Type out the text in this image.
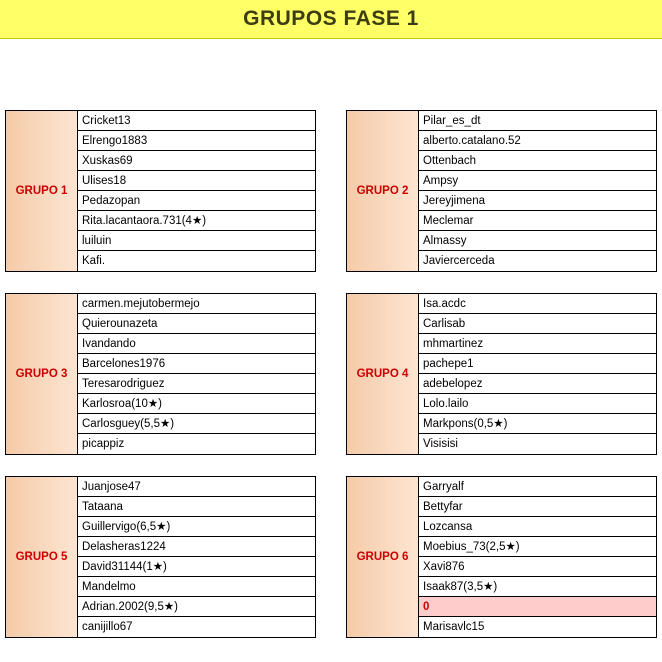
GRUPOS FASE 1
GRUPO 1
Cricket13
Elrengo1883
Xuskas69
Ulises18
Pedazopan
Rita.lacantaora.731(4★)
luiluin
Kafi.
GRUPO 2
Pilar_es_dt
alberto.catalano.52
Ottenbach
Ampsy
Jereyjimena
Meclemar
Almassy
Javiercerceda
GRUPO 3
carmen.mejutobermejo
Quierounazeta
Ivandando
Barcelones1976
Teresarodriguez
Karlosroa(10★)
Carlosguey(5,5★)
picappiz
GRUPO 4
Isa.acdc
Carlisab
mhmartinez
pachepe1
adebelopez
Lolo.lailo
Markpons(0,5★)
Visisisi
GRUPO 5
Juanjose47
Tataana
Guillervigo(6,5★)
Delasheras1224
David31144(1★)
Mandelmo
Adrian.2002(9,5★)
canijillo67
GRUPO 6
Garryalf
Bettyfar
Lozcansa
Moebius_73(2,5★)
Xavi876
Isaak87(3,5★)
0
Marisavlc15
